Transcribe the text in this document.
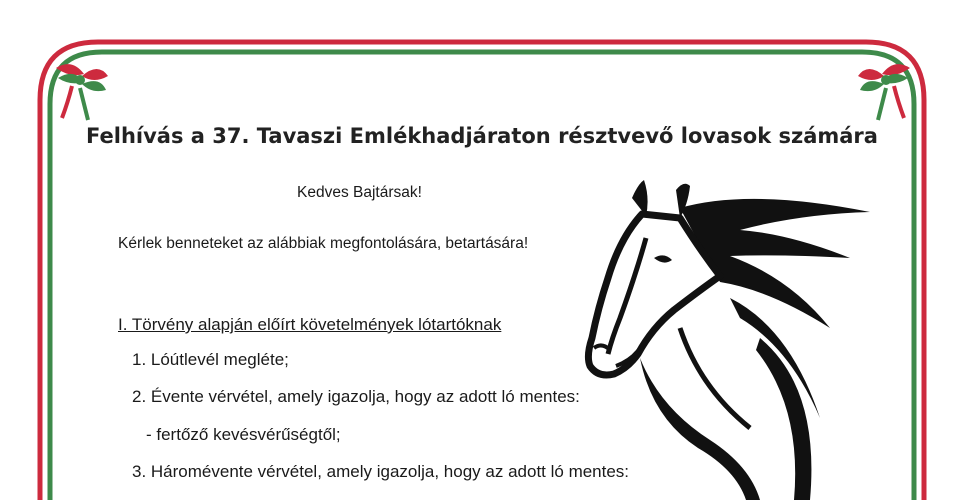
Felhívás a 37. Tavaszi Emlékhadjáraton résztvevő lovasok számára
Kedves Bajtársak!
Kérlek benneteket az alábbiak megfontolására, betartására!
I. Törvény alapján előírt követelmények lótartóknak
1. Lóútlevél megléte;
2. Évente vérvétel, amely igazolja, hogy az adott ló mentes:
- fertőző kevésvérűségtől;
3. Háromévente vérvétel, amely igazolja, hogy az adott ló mentes:
